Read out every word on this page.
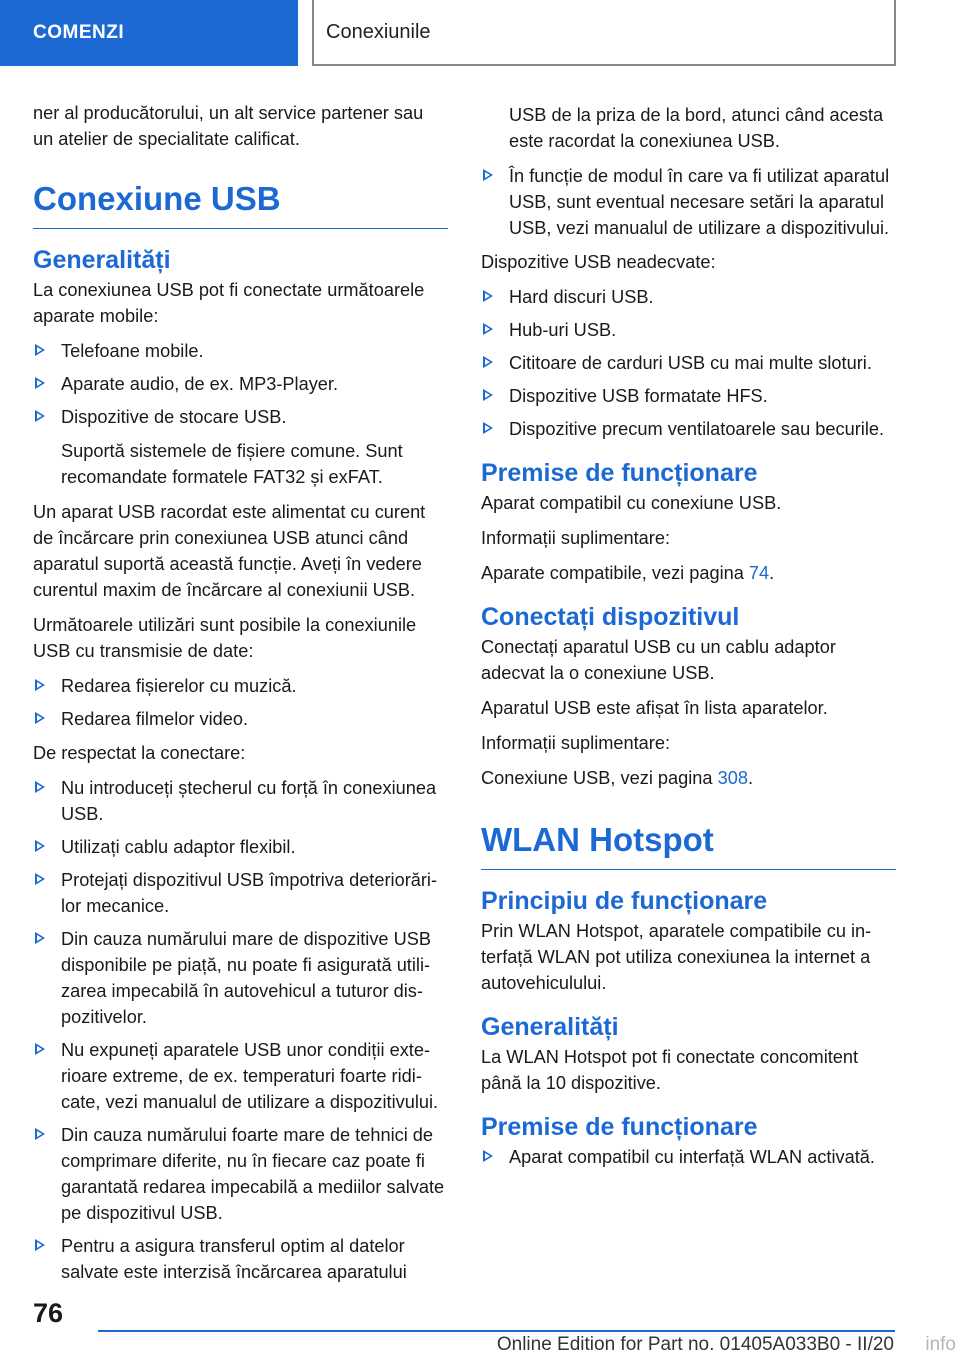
COMENZI	Conexiunile

ner al producătorului, un alt service partener sau un atelier de specialitate calificat.

Conexiune USB
Generalități

La conexiunea USB pot fi conectate următoarele aparate mobile:

Telefoane mobile.
Aparate audio, de ex. MP3-Player.
Dispozitive de stocare USB.

Suportă sistemele de fișiere comune. Sunt recomandate formatele FAT32 și exFAT.

Un aparat USB racordat este alimentat cu curent de încărcare prin conexiunea USB atunci când aparatul suportă această funcție. Aveți în vedere curentul maxim de încărcare al conexiunii USB.

Următoarele utilizări sunt posibile la conexiunile USB cu transmisie de date:

Redarea fișierelor cu muzică.
Redarea filmelor video.

De respectat la conectare:

Nu introduceți ștecherul cu forță în conexiunea USB.
Utilizați cablu adaptor flexibil.
Protejați dispozitivul USB împotriva deteriorărilor mecanice.
Din cauza numărului mare de dispozitive USB disponibile pe piață, nu poate fi asigurată utilizarea impecabilă în autovehicul a tuturor dispozitivelor.
Nu expuneți aparatele USB unor condiții exterioare extreme, de ex. temperaturi foarte ridicate, vezi manualul de utilizare a dispozitivului.
Din cauza numărului foarte mare de tehnici de comprimare diferite, nu în fiecare caz poate fi garantată redarea impecabilă a mediilor salvate pe dispozitivul USB.
Pentru a asigura transferul optim al datelor salvate este interzisă încărcarea aparatului

USB de la priza de la bord, atunci când acesta este racordat la conexiunea USB.

În funcție de modul în care va fi utilizat aparatul USB, sunt eventual necesare setări la aparatul USB, vezi manualul de utilizare a dispozitivului.

Dispozitive USB neadecvate:

Hard discuri USB.
Hub-uri USB.
Cititoare de carduri USB cu mai multe sloturi.
Dispozitive USB formatate HFS.
Dispozitive precum ventilatoarele sau becurile.
Premise de funcționare

Aparat compatibil cu conexiune USB.

Informații suplimentare:

Aparate compatibile, vezi pagina 74.

Conectați dispozitivul

Conectați aparatul USB cu un cablu adaptor adecvat la o conexiune USB.

Aparatul USB este afișat în lista aparatelor.

Informații suplimentare:

Conexiune USB, vezi pagina 308.

WLAN Hotspot
Principiu de funcționare

Prin WLAN Hotspot, aparatele compatibile cu interfață WLAN pot utiliza conexiunea la internet a autovehiculului.

Generalități

La WLAN Hotspot pot fi conectate concomitent până la 10 dispozitive.

Premise de funcționare
Aparat compatibil cu interfață WLAN activată.
76
Online Edition for Part no. 01405A033B0 - II/20 info
